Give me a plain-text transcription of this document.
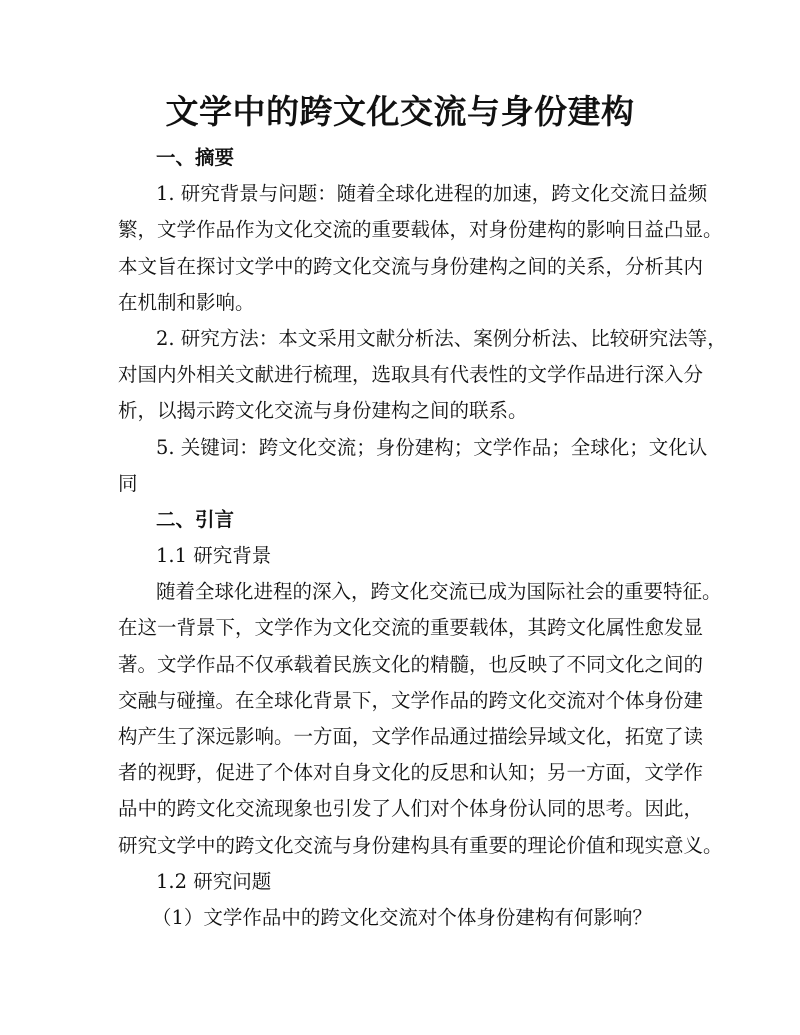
文学中的跨文化交流与身份建构
一、摘要
1. 研究背景与问题：随着全球化进程的加速，跨文化交流日益频
繁，文学作品作为文化交流的重要载体，对身份建构的影响日益凸显。
本文旨在探讨文学中的跨文化交流与身份建构之间的关系，分析其内
在机制和影响。
2. 研究方法：本文采用文献分析法、案例分析法、比较研究法等，
对国内外相关文献进行梳理，选取具有代表性的文学作品进行深入分
析，以揭示跨文化交流与身份建构之间的联系。
5. 关键词：跨文化交流；身份建构；文学作品；全球化；文化认
同
二、引言
1.1 研究背景
随着全球化进程的深入，跨文化交流已成为国际社会的重要特征。
在这一背景下，文学作为文化交流的重要载体，其跨文化属性愈发显
著。文学作品不仅承载着民族文化的精髓，也反映了不同文化之间的
交融与碰撞。在全球化背景下，文学作品的跨文化交流对个体身份建
构产生了深远影响。一方面，文学作品通过描绘异域文化，拓宽了读
者的视野，促进了个体对自身文化的反思和认知；另一方面，文学作
品中的跨文化交流现象也引发了人们对个体身份认同的思考。因此，
研究文学中的跨文化交流与身份建构具有重要的理论价值和现实意义。
1.2 研究问题
（1）文学作品中的跨文化交流对个体身份建构有何影响？
